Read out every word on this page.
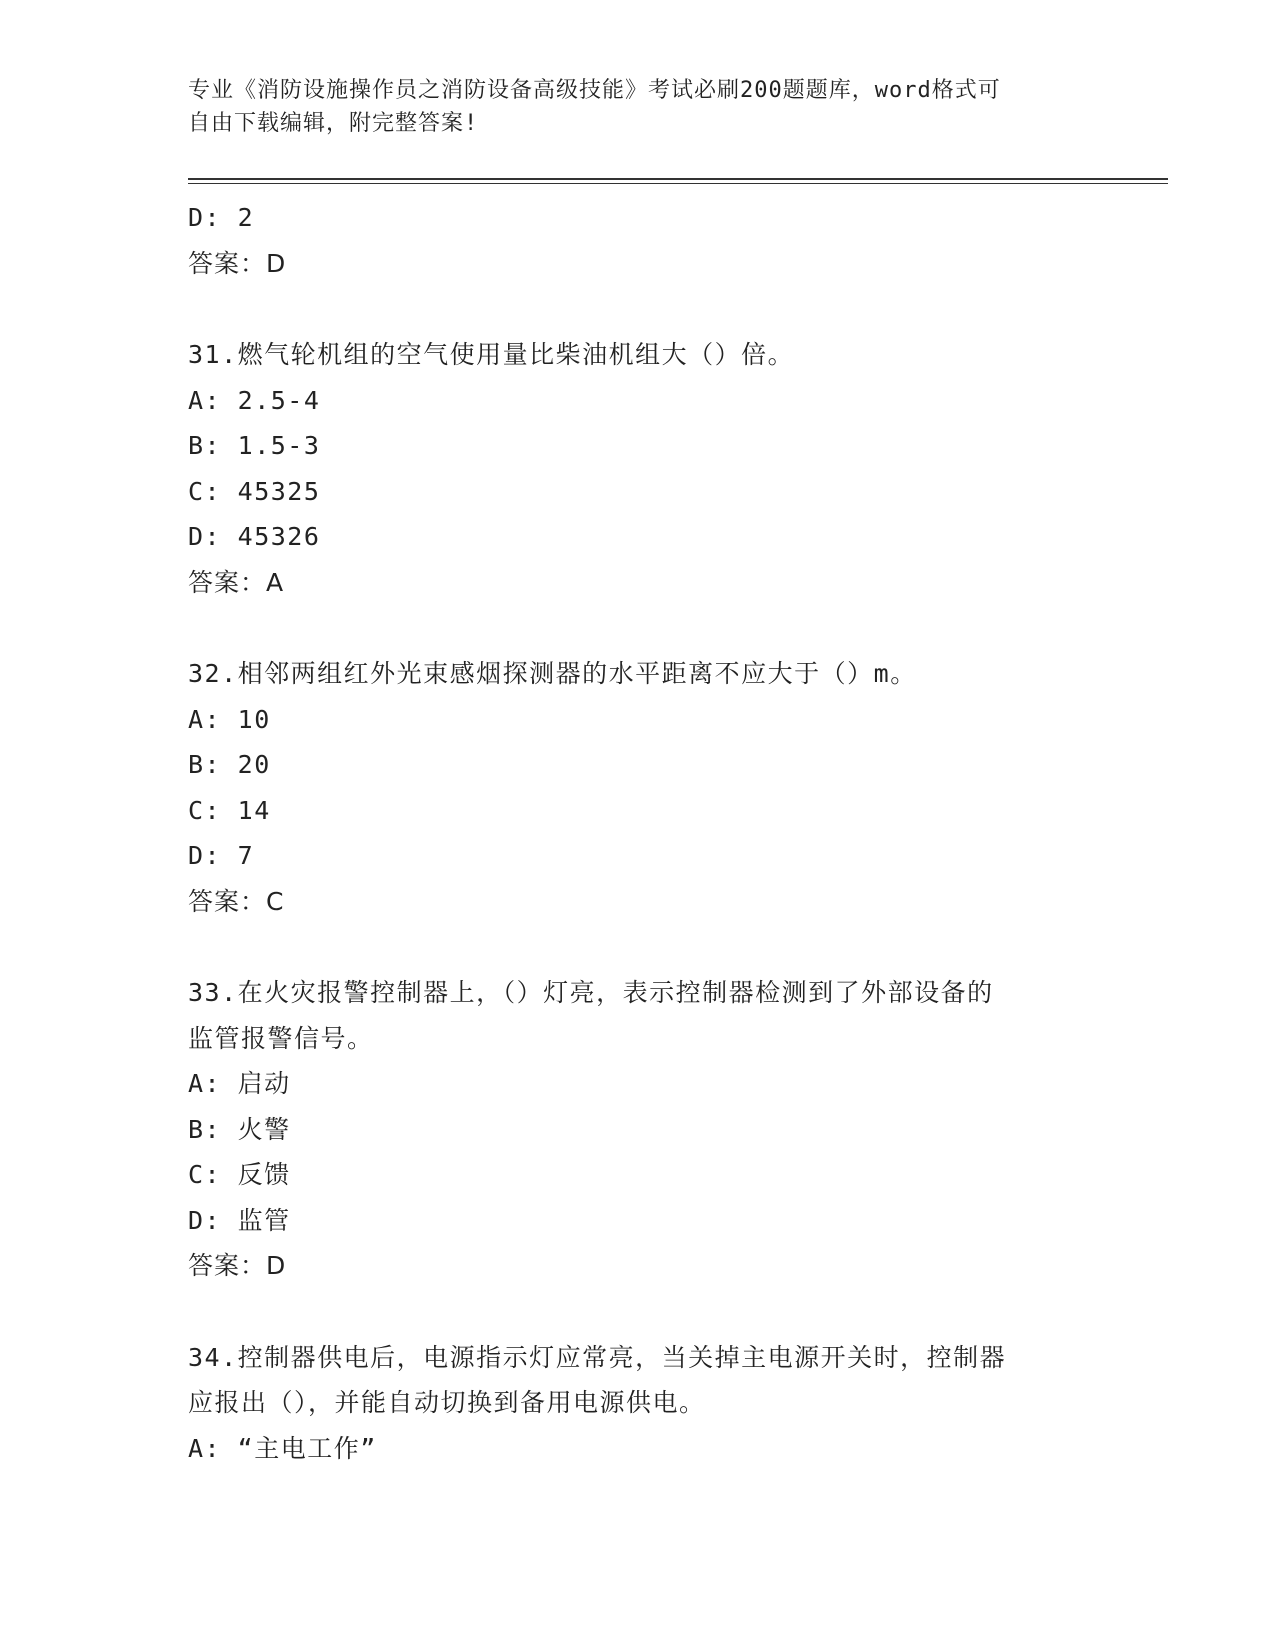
专业《消防设施操作员之消防设备高级技能》考试必刷200题题库，word格式可
自由下载编辑，附完整答案!
D: 2
答案：D
31.燃气轮机组的空气使用量比柴油机组大（）倍。
A: 2.5-4
B: 1.5-3
C: 45325
D: 45326
答案：A
32.相邻两组红外光束感烟探测器的水平距离不应大于（）m。
A: 10
B: 20
C: 14
D: 7
答案：C
33.在火灾报警控制器上，（）灯亮，表示控制器检测到了外部设备的
监管报警信号。
A: 启动
B: 火警
C: 反馈
D: 监管
答案：D
34.控制器供电后，电源指示灯应常亮，当关掉主电源开关时，控制器
应报出（），并能自动切换到备用电源供电。
A: “主电工作”
